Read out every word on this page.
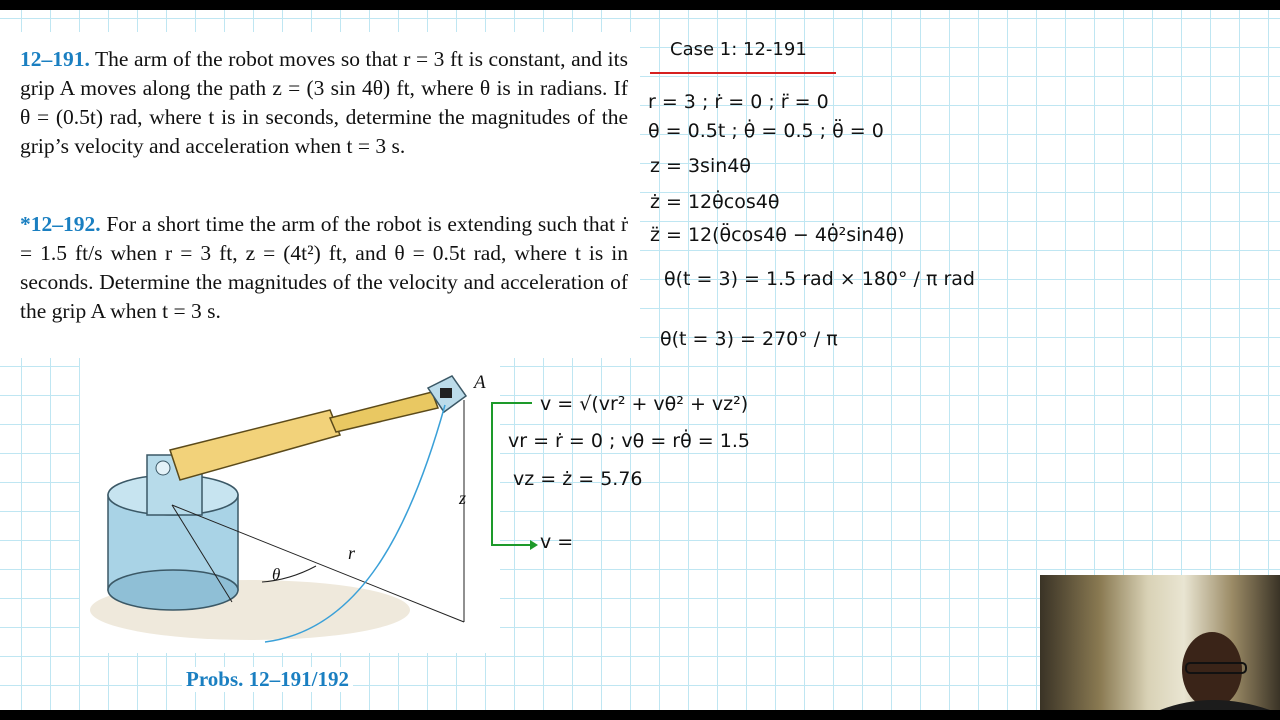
12–191. The arm of the robot moves so that r = 3 ft is constant, and its grip A moves along the path z = (3 sin 4θ) ft, where θ is in radians. If θ = (0.5t) rad, where t is in seconds, determine the magnitudes of the grip’s velocity and acceleration when t = 3 s.

*12–192. For a short time the arm of the robot is extending such that ṙ = 1.5 ft/s when r = 3 ft, z = (4t²) ft, and θ = 0.5t rad, where t is in seconds. Determine the magnitudes of the velocity and acceleration of the grip A when t = 3 s.

A
z
r
θ
Probs. 12–191/192
Case 1: 12-191
r = 3 ; ṙ = 0 ; r̈ = 0
θ = 0.5t ; θ̇ = 0.5 ; θ̈ = 0
z = 3sin4θ
ż = 12θ̇cos4θ
z̈ = 12(θ̈cos4θ − 4θ̇²sin4θ)
θ(t = 3) = 1.5 rad × 180° / π rad
θ(t = 3) = 270° / π
v = √(vr² + vθ² + vz²)
vr = ṙ = 0 ; vθ = rθ̇ = 1.5
vz = ż = 5.76
v =
